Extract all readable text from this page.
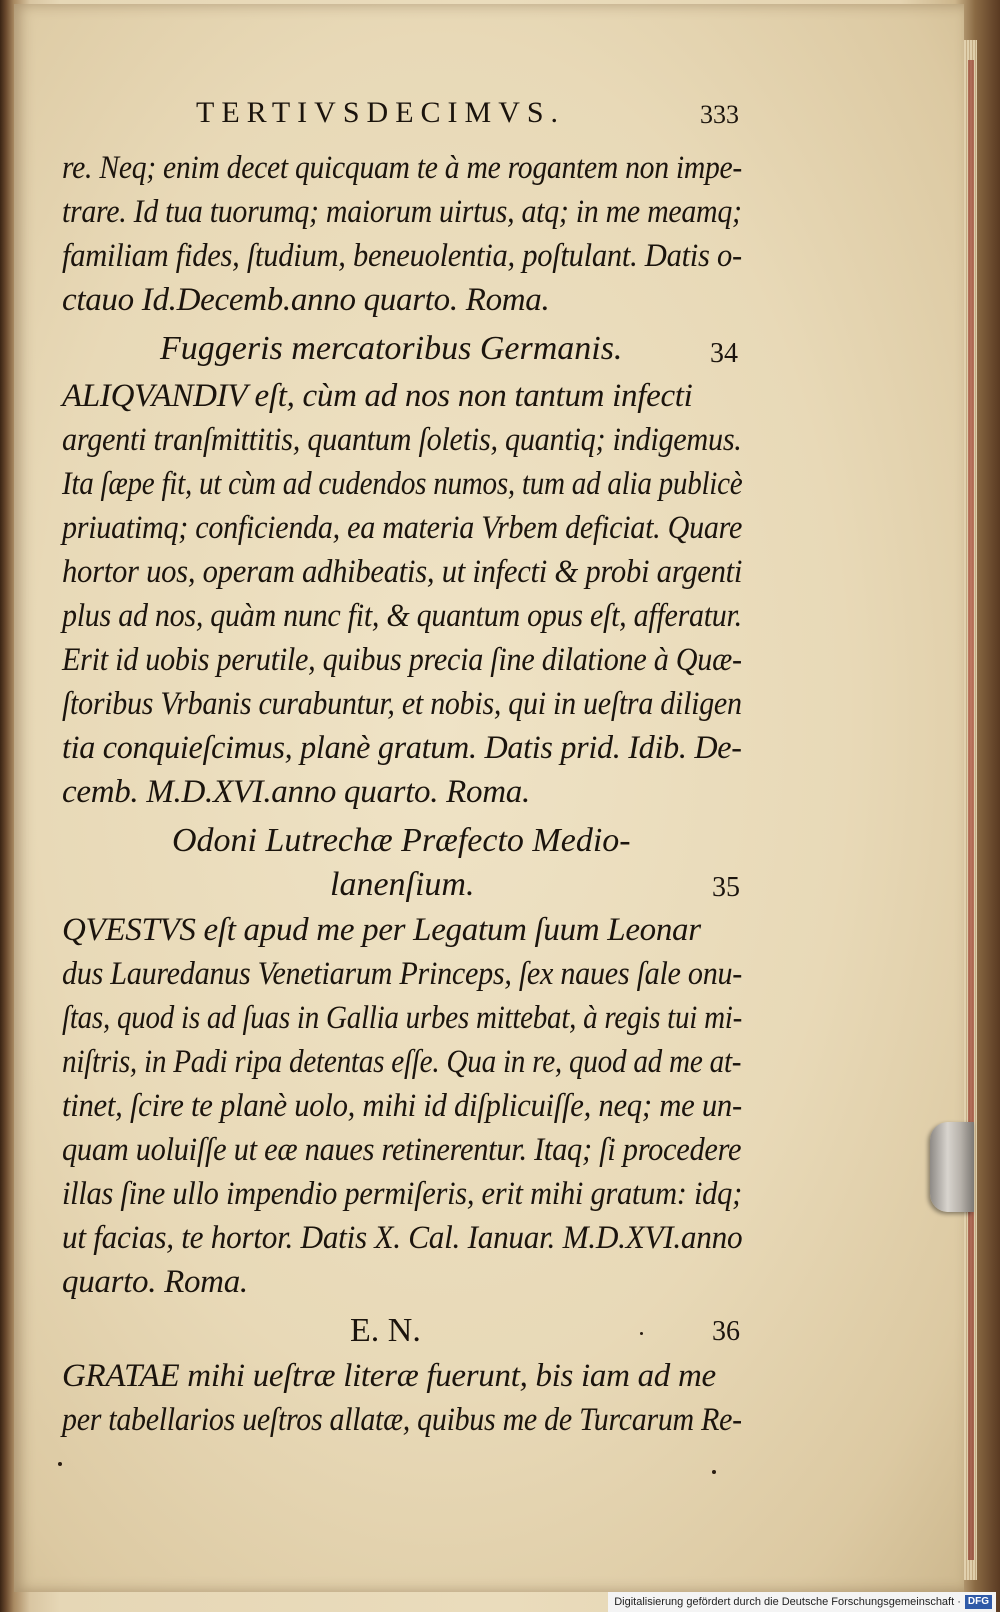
TERTIVSDECIMVS.	333
re. Neq; enim decet quicquam te à me rogantem non impe-
trare. Id tua tuorumq; maiorum uirtus, atq; in me meamq;
familiam fides, ſtudium, beneuolentia, poſtulant. Datis o-
ctauo Id.Decemb.anno quarto. Roma.
Fuggeris mercatoribus Germanis.	34
ALIQVANDIV eſt, cùm ad nos non tantum infecti
argenti tranſmittitis, quantum ſoletis, quantiq; indigemus.
Ita ſæpe fit, ut cùm ad cudendos numos, tum ad alia publicè
priuatimq; conficienda, ea materia Vrbem deficiat. Quare
hortor uos, operam adhibeatis, ut infecti & probi argenti
plus ad nos, quàm nunc fit, & quantum opus eſt, afferatur.
Erit id uobis perutile, quibus precia ſine dilatione à Quæ-
ſtoribus Vrbanis curabuntur, et nobis, qui in ueſtra diligen
tia conquieſcimus, planè gratum. Datis prid. Idib. De-
cemb. M.D.XVI.anno quarto. Roma.
Odoni Lutrechæ Præfecto Medio-
lanenſium.	35
QVESTVS eſt apud me per Legatum ſuum Leonar
dus Lauredanus Venetiarum Princeps, ſex naues ſale onu-
ſtas, quod is ad ſuas in Gallia urbes mittebat, à regis tui mi-
niſtris, in Padi ripa detentas eſſe. Qua in re, quod ad me at-
tinet, ſcire te planè uolo, mihi id diſplicuiſſe, neq; me un-
quam uoluiſſe ut eæ naues retinerentur. Itaq; ſi procedere
illas ſine ullo impendio permiſeris, erit mihi gratum: idq;
ut facias, te hortor. Datis X. Cal. Ianuar. M.D.XVI.anno
quarto. Roma.
E. N.	36
GRATAE mihi ueſtræ literæ fuerunt, bis iam ad me
per tabellarios ueſtros allatæ, quibus me de Turcarum Re-
Digitalisierung gefördert durch die Deutsche Forschungsgemeinschaft · DFG
